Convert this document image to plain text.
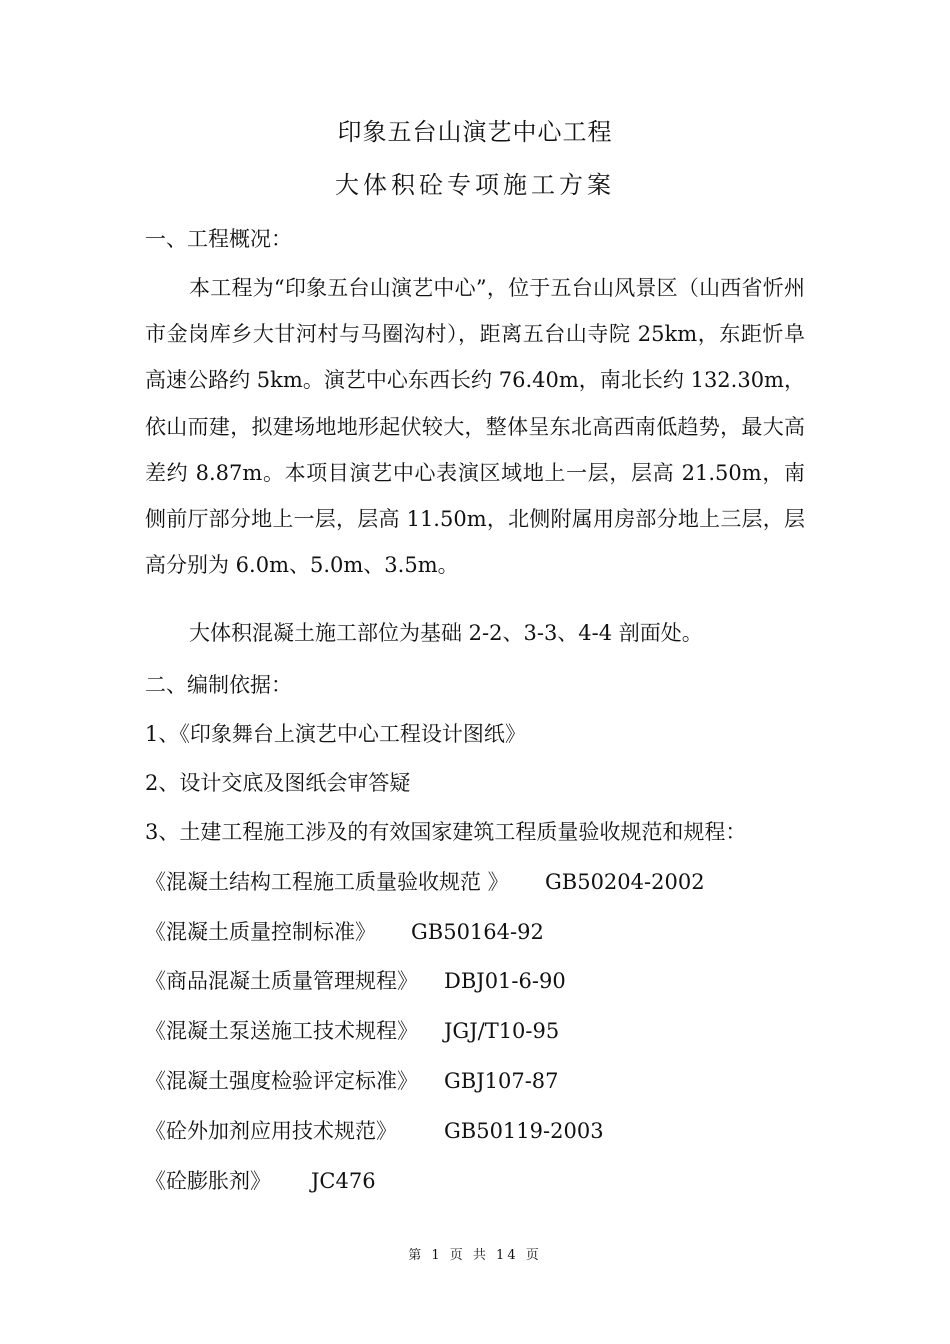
印象五台山演艺中心工程
大体积砼专项施工方案
一、工程概况：
本工程为“印象五台山演艺中心”，位于五台山风景区（山西省忻州市金岗库乡大甘河村与马圈沟村），距离五台山寺院 25km，东距忻阜高速公路约 5km。演艺中心东西长约 76.40m，南北长约 132.30m，依山而建，拟建场地地形起伏较大，整体呈东北高西南低趋势，最大高差约 8.87m。本项目演艺中心表演区域地上一层，层高 21.50m，南侧前厅部分地上一层，层高 11.50m，北侧附属用房部分地上三层，层高分别为 6.0m、5.0m、3.5m。
大体积混凝土施工部位为基础 2-2、3-3、4-4 剖面处。
二、编制依据：
1、《印象舞台上演艺中心工程设计图纸》
2、设计交底及图纸会审答疑
3、土建工程施工涉及的有效国家建筑工程质量验收规范和规程：
《混凝土结构工程施工质量验收规范 》 GB50204-2002
《混凝土质量控制标准》 GB50164-92
《商品混凝土质量管理规程》 DBJ01-6-90
《混凝土泵送施工技术规程》 JGJ/T10-95
《混凝土强度检验评定标准》 GBJ107-87
《砼外加剂应用技术规范》 GB50119-2003
《砼膨胀剂》 JC476
第 1 页 共 14 页
